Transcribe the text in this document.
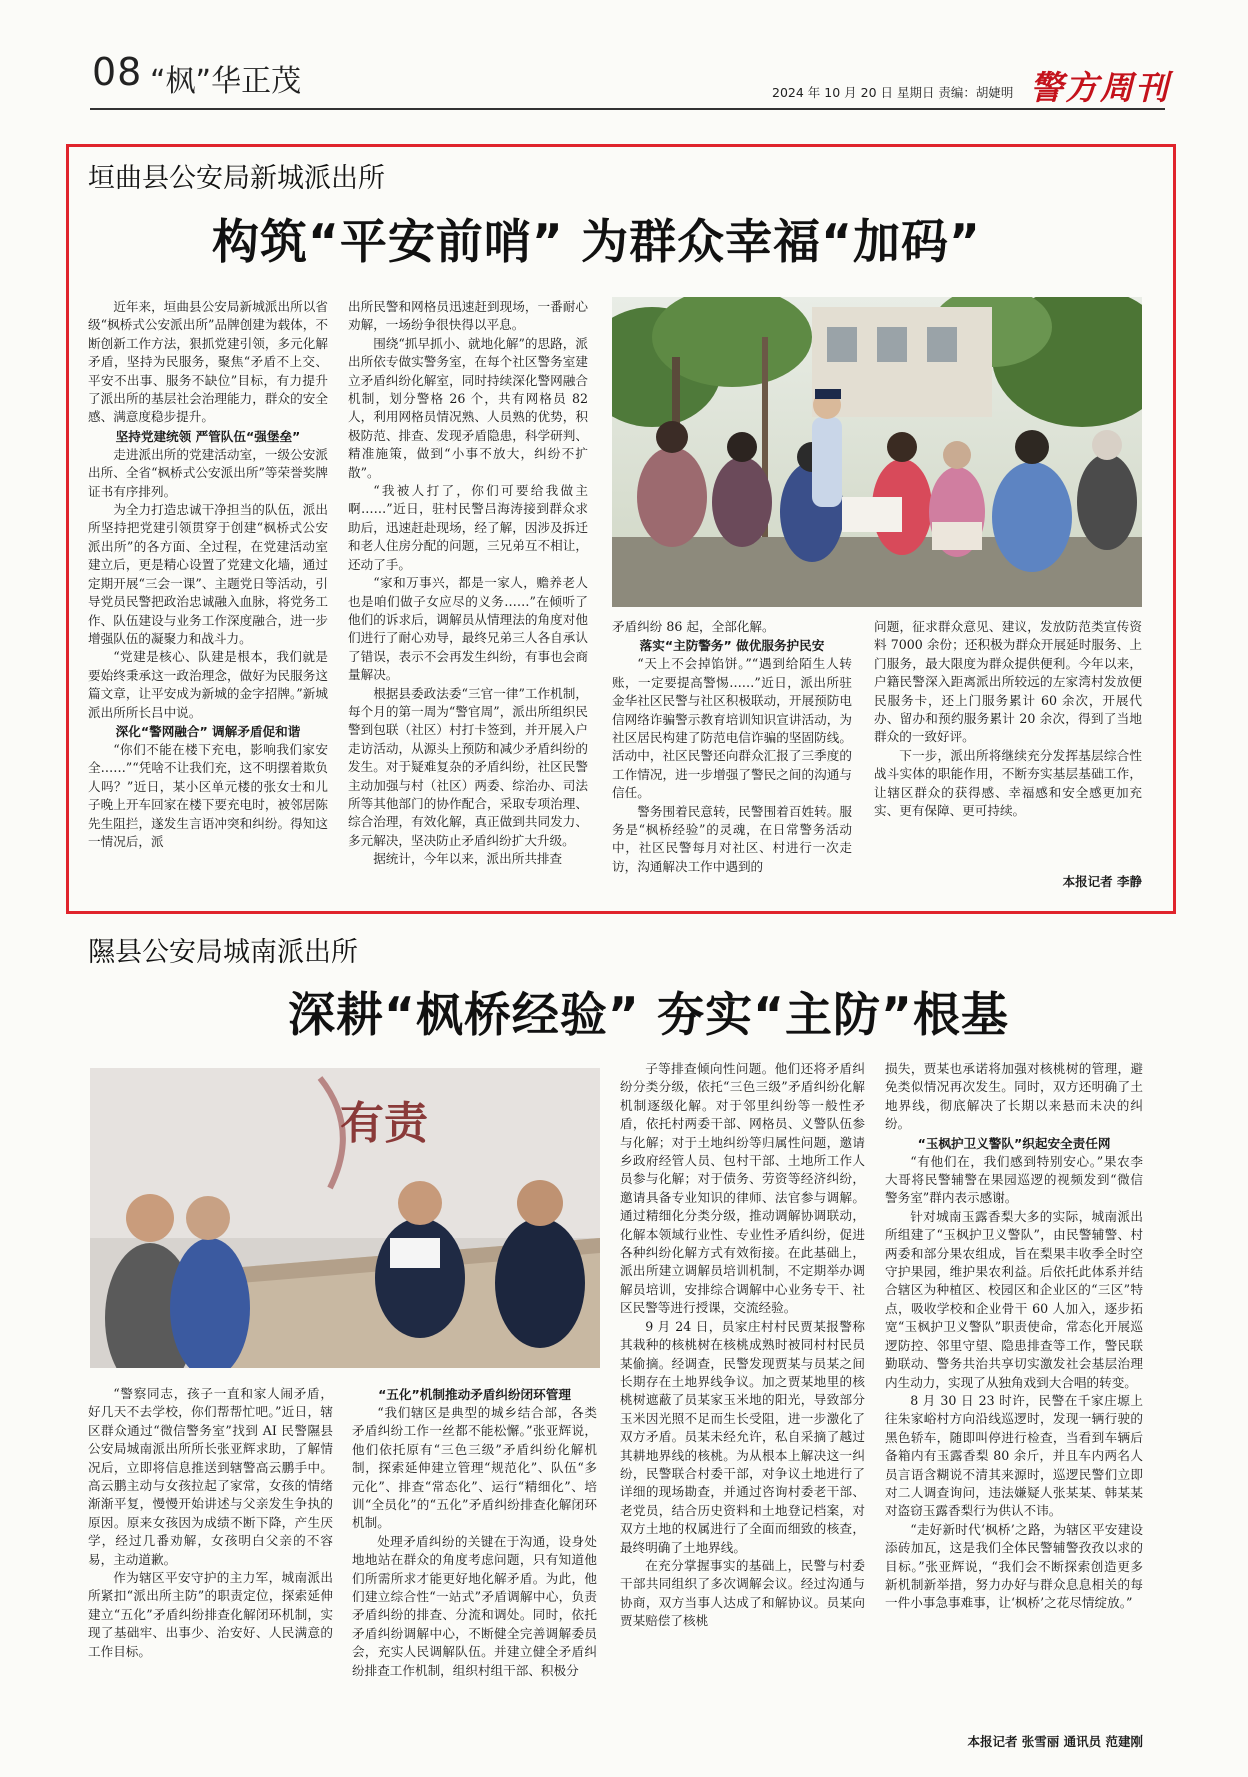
08 “枫”华正茂	2024 年 10 月 20 日 星期日 责编：胡婕明 警方周刊
垣曲县公安局新城派出所
构筑“平安前哨” 为群众幸福“加码”

近年来，垣曲县公安局新城派出所以省级“枫桥式公安派出所”品牌创建为载体，不断创新工作方法，狠抓党建引领，多元化解矛盾，坚持为民服务，聚焦“矛盾不上交、平安不出事、服务不缺位”目标，有力提升了派出所的基层社会治理能力，群众的安全感、满意度稳步提升。

坚持党建统领 严管队伍“强堡垒”

走进派出所的党建活动室，一级公安派出所、全省“枫桥式公安派出所”等荣誉奖牌证书有序排列。

为全力打造忠诚干净担当的队伍，派出所坚持把党建引领贯穿于创建“枫桥式公安派出所”的各方面、全过程，在党建活动室建立后，更是精心设置了党建文化墙，通过定期开展“三会一课”、主题党日等活动，引导党员民警把政治忠诚融入血脉，将党务工作、队伍建设与业务工作深度融合，进一步增强队伍的凝聚力和战斗力。

“党建是核心、队建是根本，我们就是要始终秉承这一政治理念，做好为民服务这篇文章，让平安成为新城的金字招牌。”新城派出所所长吕中说。

深化“警网融合” 调解矛盾促和谐

“你们不能在楼下充电，影响我们家安全……”“凭啥不让我们充，这不明摆着欺负人吗？”近日，某小区单元楼的张女士和儿子晚上开车回家在楼下要充电时，被邻居陈先生阻拦，遂发生言语冲突和纠纷。得知这一情况后，派

出所民警和网格员迅速赶到现场，一番耐心劝解，一场纷争很快得以平息。

围绕“抓早抓小、就地化解”的思路，派出所依专做实警务室，在每个社区警务室建立矛盾纠纷化解室，同时持续深化警网融合机制，划分警格 26 个，共有网格员 82 人，利用网格员情况熟、人员熟的优势，积极防范、排查、发现矛盾隐患，科学研判、精准施策，做到“小事不放大，纠纷不扩散”。

“我被人打了，你们可要给我做主啊……”近日，驻村民警吕海涛接到群众求助后，迅速赶赴现场，经了解，因涉及拆迁和老人住房分配的问题，三兄弟互不相让，还动了手。

“家和万事兴，都是一家人，赡养老人也是咱们做子女应尽的义务……”在倾听了他们的诉求后，调解员从情理法的角度对他们进行了耐心劝导，最终兄弟三人各自承认了错误，表示不会再发生纠纷，有事也会商量解决。

根据县委政法委“三官一律”工作机制，每个月的第一周为“警官周”，派出所组织民警到包联（社区）村打卡签到，并开展入户走访活动，从源头上预防和减少矛盾纠纷的发生。对于疑难复杂的矛盾纠纷，社区民警主动加强与村（社区）两委、综治办、司法所等其他部门的协作配合，采取专项治理、综合治理，有效化解，真正做到共同发力、多元解决，坚决防止矛盾纠纷扩大升级。

据统计，今年以来，派出所共排查

矛盾纠纷 86 起，全部化解。

落实“主防警务” 做优服务护民安

“天上不会掉馅饼。”“遇到给陌生人转账，一定要提高警惕……”近日，派出所驻金华社区民警与社区积极联动，开展预防电信网络诈骗警示教育培训知识宣讲活动，为社区居民构建了防范电信诈骗的坚固防线。活动中，社区民警还向群众汇报了三季度的工作情况，进一步增强了警民之间的沟通与信任。

警务围着民意转，民警围着百姓转。服务是“枫桥经验”的灵魂，在日常警务活动中，社区民警每月对社区、村进行一次走访，沟通解决工作中遇到的

问题，征求群众意见、建议，发放防范类宣传资料 7000 余份；还积极为群众开展延时服务、上门服务，最大限度为群众提供便利。今年以来，户籍民警深入距离派出所较远的左家湾村发放便民服务卡，还上门服务累计 60 余次，开展代办、留办和预约服务累计 20 余次，得到了当地群众的一致好评。

下一步，派出所将继续充分发挥基层综合性战斗实体的职能作用，不断夯实基层基础工作，让辖区群众的获得感、幸福感和安全感更加充实、更有保障、更可持续。

本报记者 李静
隰县公安局城南派出所
深耕“枫桥经验” 夯实“主防”根基
有责

“警察同志，孩子一直和家人闹矛盾，好几天不去学校，你们帮帮忙吧。”近日，辖区群众通过“微信警务室”找到 AI 民警隰县公安局城南派出所所长张亚辉求助，了解情况后，立即将信息推送到辖警高云鹏手中。高云鹏主动与女孩拉起了家常，女孩的情绪渐渐平复，慢慢开始讲述与父亲发生争执的原因。原来女孩因为成绩不断下降，产生厌学，经过几番劝解，女孩明白父亲的不容易，主动道歉。

作为辖区平安守护的主力军，城南派出所紧扣“派出所主防”的职责定位，探索延伸建立“五化”矛盾纠纷排查化解闭环机制，实现了基础牢、出事少、治安好、人民满意的工作目标。

“五化”机制推动矛盾纠纷闭环管理

“我们辖区是典型的城乡结合部，各类矛盾纠纷工作一丝都不能松懈。”张亚辉说，他们依托原有“三色三级”矛盾纠纷化解机制，探索延伸建立管理“规范化”、队伍“多元化”、排查“常态化”、运行“精细化”、培训“全员化”的“五化”矛盾纠纷排查化解闭环机制。

处理矛盾纠纷的关键在于沟通，设身处地地站在群众的角度考虑问题，只有知道他们所需所求才能更好地化解矛盾。为此，他们建立综合性“一站式”矛盾调解中心，负责矛盾纠纷的排查、分流和调处。同时，依托矛盾纠纷调解中心，不断健全完善调解委员会，充实人民调解队伍。并建立健全矛盾纠纷排查工作机制，组织村组干部、积极分

子等排查倾向性问题。他们还将矛盾纠纷分类分级，依托“三色三级”矛盾纠纷化解机制逐级化解。对于邻里纠纷等一般性矛盾，依托村两委干部、网格员、义警队伍参与化解；对于土地纠纷等归属性问题，邀请乡政府经管人员、包村干部、土地所工作人员参与化解；对于债务、劳资等经济纠纷，邀请具备专业知识的律师、法官参与调解。通过精细化分类分级，推动调解协调联动，化解本领域行业性、专业性矛盾纠纷，促进各种纠纷化解方式有效衔接。在此基础上，派出所建立调解员培训机制，不定期举办调解员培训，安排综合调解中心业务专干、社区民警等进行授课，交流经验。

9 月 24 日，员家庄村村民贾某报警称其栽种的核桃树在核桃成熟时被同村村民员某偷摘。经调查，民警发现贾某与员某之间长期存在土地界线争议。加之贾某地里的核桃树遮蔽了员某家玉米地的阳光，导致部分玉米因光照不足而生长受阻，进一步激化了双方矛盾。员某未经允许，私自采摘了越过其耕地界线的核桃。为从根本上解决这一纠纷，民警联合村委干部，对争议土地进行了详细的现场勘查，并通过咨询村委老干部、老党员，结合历史资料和土地登记档案，对双方土地的权属进行了全面而细致的核查，最终明确了土地界线。

在充分掌握事实的基础上，民警与村委干部共同组织了多次调解会议。经过沟通与协商，双方当事人达成了和解协议。员某向贾某赔偿了核桃

损失，贾某也承诺将加强对核桃树的管理，避免类似情况再次发生。同时，双方还明确了土地界线，彻底解决了长期以来悬而未决的纠纷。

“玉枫护卫义警队”织起安全责任网

“有他们在，我们感到特别安心。”果农李大哥将民警辅警在果园巡逻的视频发到“微信警务室”群内表示感谢。

针对城南玉露香梨大多的实际，城南派出所组建了“玉枫护卫义警队”，由民警辅警、村两委和部分果农组成，旨在梨果丰收季全时空守护果园，维护果农利益。后依托此体系并结合辖区为种植区、校园区和企业区的“三区”特点，吸收学校和企业骨干 60 人加入，逐步拓宽“玉枫护卫义警队”职责使命，常态化开展巡逻防控、邻里守望、隐患排查等工作，警民联勤联动、警务共治共享切实激发社会基层治理内生动力，实现了从独角戏到大合唱的转变。

8 月 30 日 23 时许，民警在千家庄塬上往朱家峪村方向沿线巡逻时，发现一辆行驶的黑色轿车，随即叫停进行检查，当看到车辆后备箱内有玉露香梨 80 余斤，并且车内两名人员言语含糊说不清其来源时，巡逻民警们立即对二人调查询问，违法嫌疑人张某某、韩某某对盗窃玉露香梨行为供认不讳。

“走好新时代‘枫桥’之路，为辖区平安建设添砖加瓦，这是我们全体民警辅警孜孜以求的目标。”张亚辉说，“我们会不断探索创造更多新机制新举措，努力办好与群众息息相关的每一件小事急事难事，让‘枫桥’之花尽情绽放。”

本报记者 张雪丽 通讯员 范建刚
